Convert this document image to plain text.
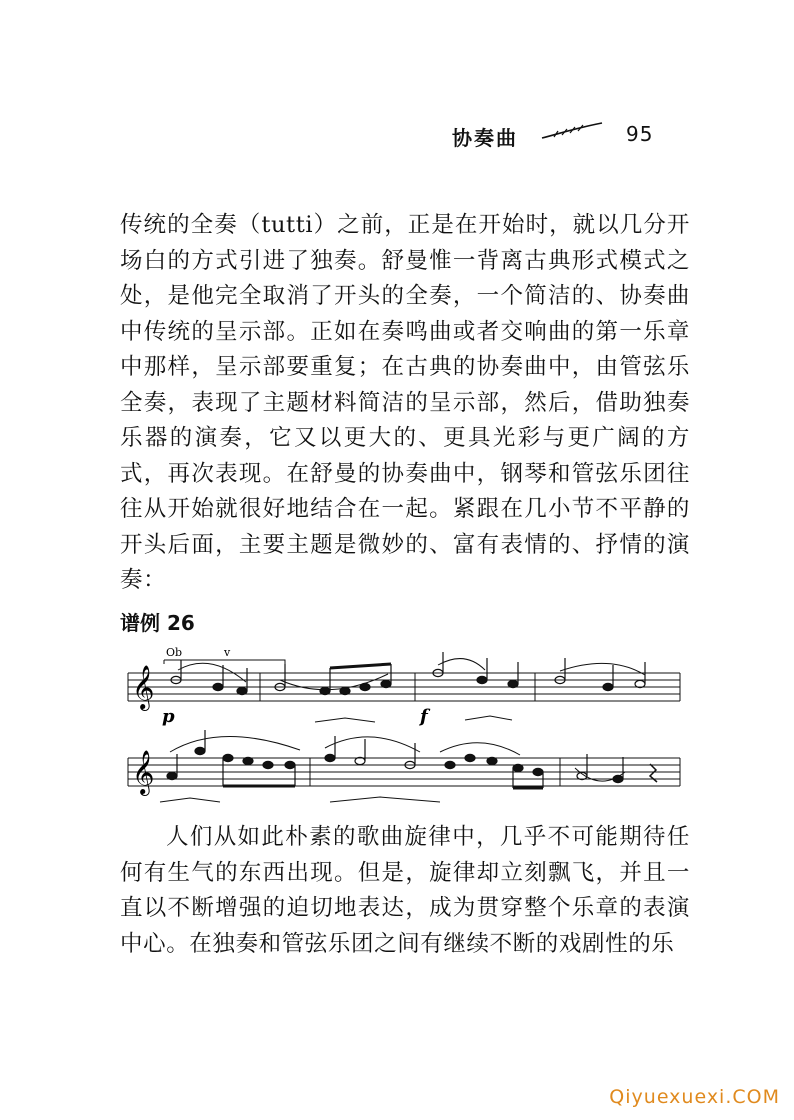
协奏曲	95

传统的全奏（tutti）之前，正是在开始时，就以几分开场白的方式引进了独奏。舒曼惟一背离古典形式模式之处，是他完全取消了开头的全奏，一个简洁的、协奏曲中传统的呈示部。正如在奏鸣曲或者交响曲的第一乐章中那样，呈示部要重复；在古典的协奏曲中，由管弦乐全奏，表现了主题材料简洁的呈示部，然后，借助独奏乐器的演奏，它又以更大的、更具光彩与更广阔的方式，再次表现。在舒曼的协奏曲中，钢琴和管弦乐团往往从开始就很好地结合在一起。紧跟在几小节不平静的开头后面，主要主题是微妙的、富有表情的、抒情的演奏：

谱例 26
𝄞
Ob	v
p	f
𝄞

人们从如此朴素的歌曲旋律中，几乎不可能期待任何有生气的东西出现。但是，旋律却立刻飘飞，并且一直以不断增强的迫切地表达，成为贯穿整个乐章的表演中心。在独奏和管弦乐团之间有继续不断的戏剧性的乐

Qiyuexuexi.COM
